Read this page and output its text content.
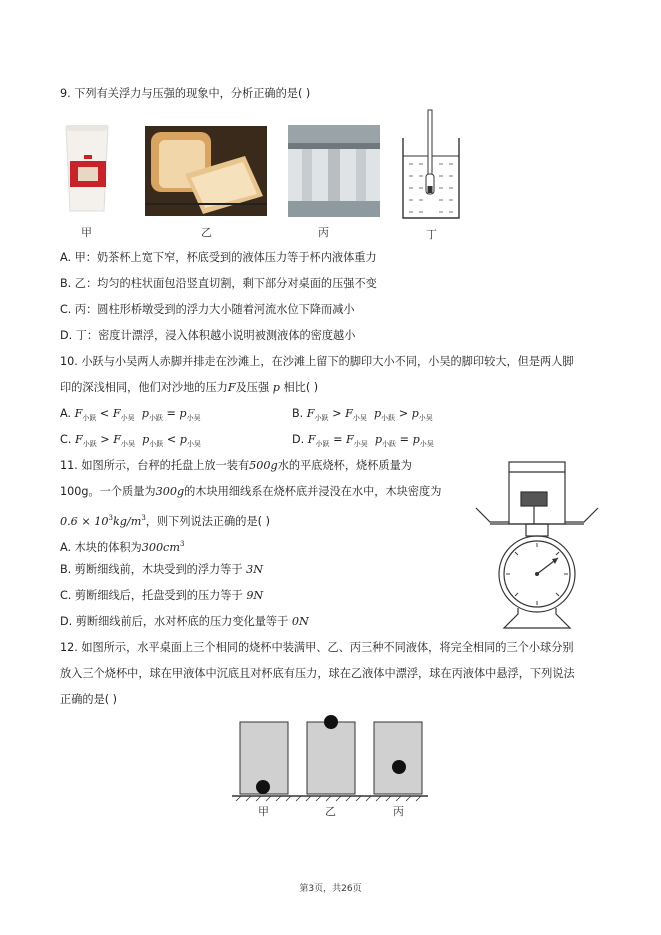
9. 下列有关浮力与压强的现象中，分析正确的是( )
甲	乙	丙	丁
A. 甲：奶茶杯上宽下窄，杯底受到的液体压力等于杯内液体重力
B. 乙：均匀的柱状面包沿竖直切割，剩下部分对桌面的压强不变
C. 丙：圆柱形桥墩受到的浮力大小随着河流水位下降而减小
D. 丁：密度计漂浮，浸入体积越小说明被测液体的密度越小
10. 小跃与小吴两人赤脚并排走在沙滩上，在沙滩上留下的脚印大小不同，小吴的脚印较大，但是两人脚
印的深浅相同，他们对沙地的压力F及压强 p 相比( )
A. $F_{小跃} < F_{小吴}$ $p_{小跃} = p_{小吴}$	B. $F_{小跃} > F_{小吴}$ $p_{小跃} > p_{小吴}$
C. $F_{小跃} > F_{小吴}$ $p_{小跃} < p_{小吴}$	D. $F_{小跃} = F_{小吴}$ $p_{小跃} = p_{小吴}$
11. 如图所示，台秤的托盘上放一装有500g水的平底烧杯，烧杯质量为
100g。一个质量为300g的木块用细线系在烧杯底并浸没在水中，木块密度为
$0.6 \times 10^3kg/m^3$，则下列说法正确的是( )
A. 木块的体积为$300cm^3$
B. 剪断细线前，木块受到的浮力等于 3N
C. 剪断细线后，托盘受到的压力等于 9N
D. 剪断细线前后，水对杯底的压力变化量等于 0N
12. 如图所示，水平桌面上三个相同的烧杯中装满甲、乙、丙三种不同液体，将完全相同的三个小球分别
放入三个烧杯中，球在甲液体中沉底且对杯底有压力，球在乙液体中漂浮，球在丙液体中悬浮，下列说法
正确的是( )
甲	乙	丙
第3页，共26页
